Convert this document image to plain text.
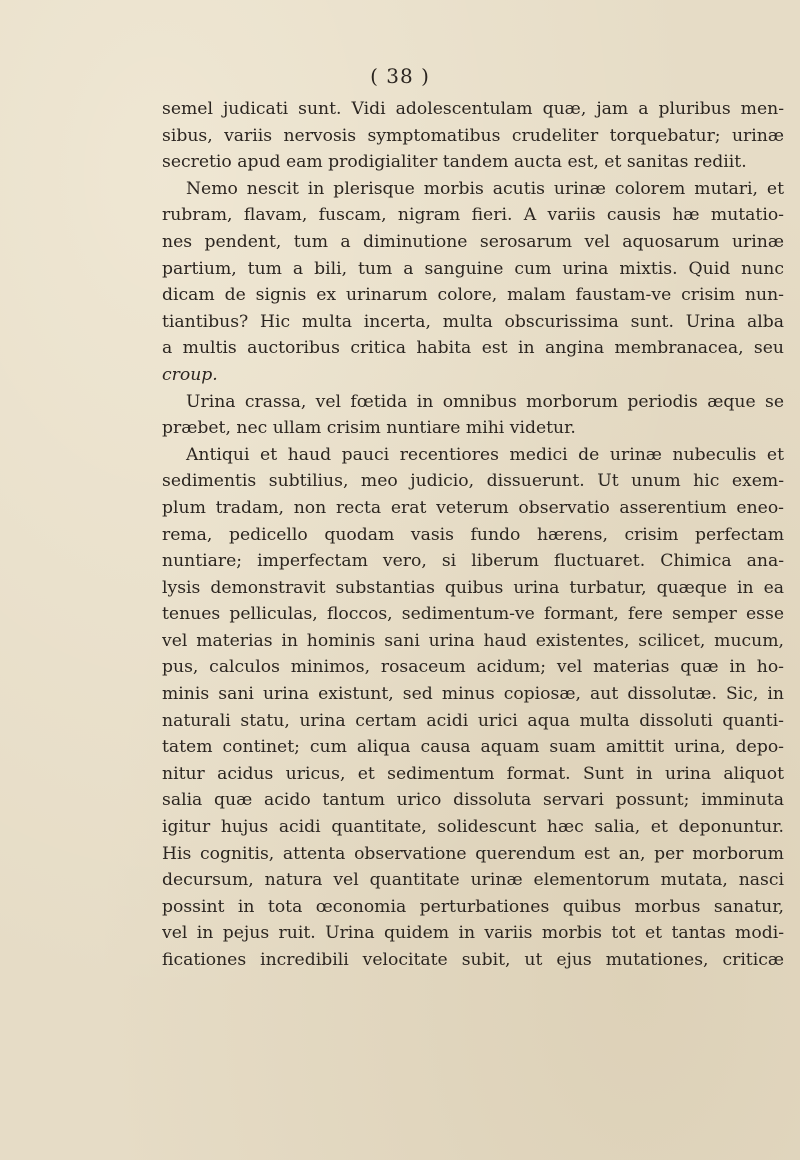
( 38 )
semel judicati sunt. Vidi adolescentulam quæ, jam a pluribus men-
sibus, variis nervosis symptomatibus crudeliter torquebatur; urinæ
secretio apud eam prodigialiter tandem aucta est, et sanitas rediit.
Nemo nescit in plerisque morbis acutis urinæ colorem mutari, et
rubram, flavam, fuscam, nigram fieri. A variis causis hæ mutatio-
nes pendent, tum a diminutione serosarum vel aquosarum urinæ
partium, tum a bili, tum a sanguine cum urina mixtis. Quid nunc
dicam de signis ex urinarum colore, malam faustam-ve crisim nun-
tiantibus? Hic multa incerta, multa obscurissima sunt. Urina alba
a multis auctoribus critica habita est in angina membranacea, seu
croup.
Urina crassa, vel fœtida in omnibus morborum periodis æque se
præbet, nec ullam crisim nuntiare mihi videtur.
Antiqui et haud pauci recentiores medici de urinæ nubeculis et
sedimentis subtilius, meo judicio, dissuerunt. Ut unum hic exem-
plum tradam, non recta erat veterum observatio asserentium eneo-
rema, pedicello quodam vasis fundo hærens, crisim perfectam
nuntiare; imperfectam vero, si liberum fluctuaret. Chimica ana-
lysis demonstravit substantias quibus urina turbatur, quæque in ea
tenues pelliculas, floccos, sedimentum-ve formant, fere semper esse
vel materias in hominis sani urina haud existentes, scilicet, mucum,
pus, calculos minimos, rosaceum acidum; vel materias quæ in ho-
minis sani urina existunt, sed minus copiosæ, aut dissolutæ. Sic, in
naturali statu, urina certam acidi urici aqua multa dissoluti quanti-
tatem continet; cum aliqua causa aquam suam amittit urina, depo-
nitur acidus uricus, et sedimentum format. Sunt in urina aliquot
salia quæ acido tantum urico dissoluta servari possunt; imminuta
igitur hujus acidi quantitate, solidescunt hæc salia, et deponuntur.
His cognitis, attenta observatione querendum est an, per morborum
decursum, natura vel quantitate urinæ elementorum mutata, nasci
possint in tota œconomia perturbationes quibus morbus sanatur,
vel in pejus ruit. Urina quidem in variis morbis tot et tantas modi-
ficationes incredibili velocitate subit, ut ejus mutationes, criticæ
